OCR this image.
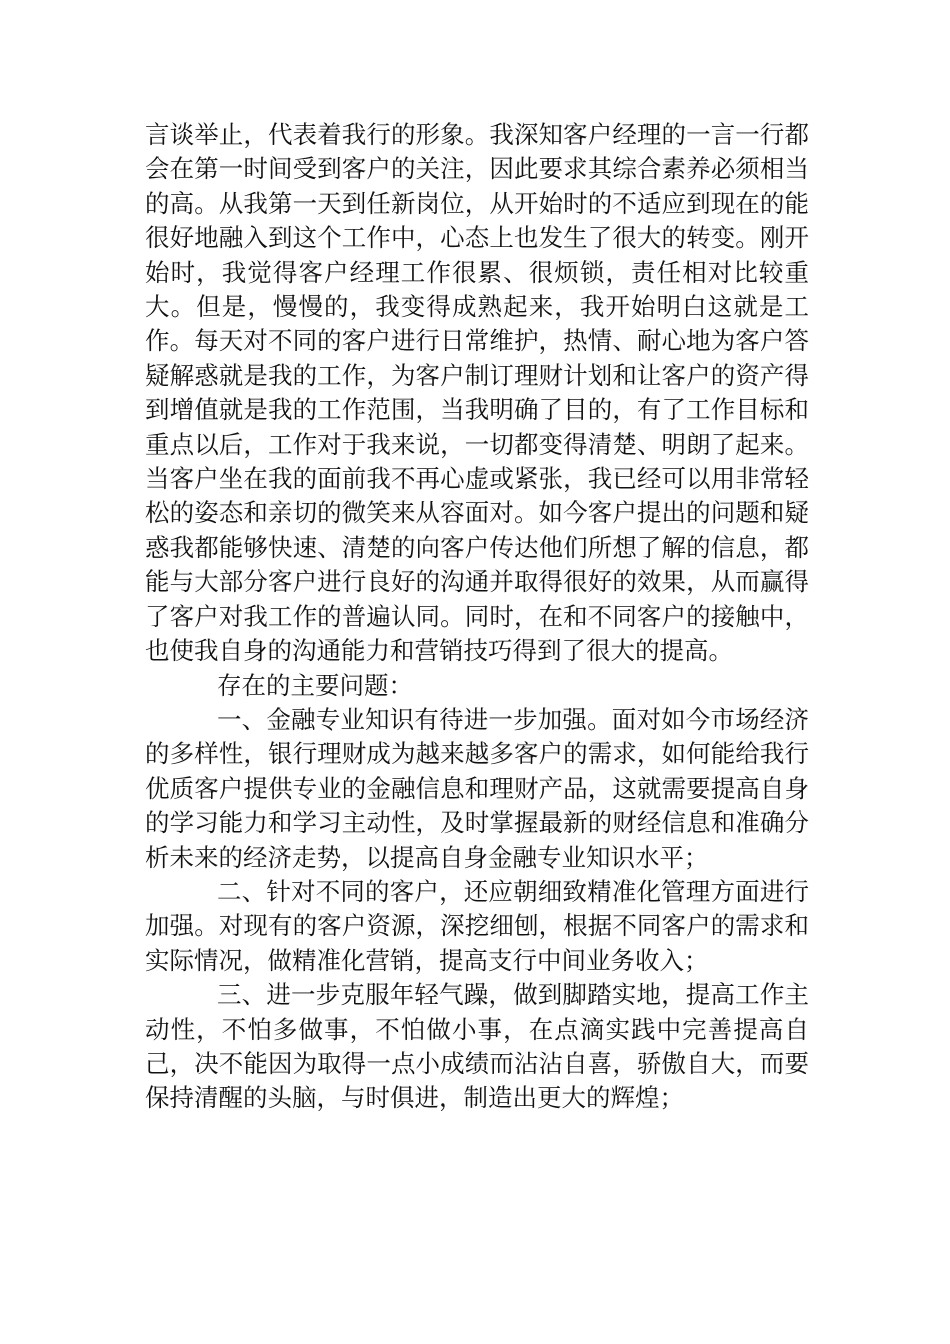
言谈举止，代表着我行的形象。我深知客户经理的一言一行都会在第一时间受到客户的关注，因此要求其综合素养必须相当的高。从我第一天到任新岗位，从开始时的不适应到现在的能很好地融入到这个工作中，心态上也发生了很大的转变。刚开始时，我觉得客户经理工作很累、很烦锁，责任相对比较重大。但是，慢慢的，我变得成熟起来，我开始明白这就是工作。每天对不同的客户进行日常维护，热情、耐心地为客户答疑解惑就是我的工作，为客户制订理财计划和让客户的资产得到增值就是我的工作范围，当我明确了目的，有了工作目标和重点以后，工作对于我来说，一切都变得清楚、明朗了起来。当客户坐在我的面前我不再心虚或紧张，我已经可以用非常轻松的姿态和亲切的微笑来从容面对。如今客户提出的问题和疑惑我都能够快速、清楚的向客户传达他们所想了解的信息，都能与大部分客户进行良好的沟通并取得很好的效果，从而赢得了客户对我工作的普遍认同。同时，在和不同客户的接触中，也使我自身的沟通能力和营销技巧得到了很大的提高。

存在的主要问题：

一、金融专业知识有待进一步加强。面对如今市场经济的多样性，银行理财成为越来越多客户的需求，如何能给我行优质客户提供专业的金融信息和理财产品，这就需要提高自身的学习能力和学习主动性，及时掌握最新的财经信息和准确分析未来的经济走势，以提高自身金融专业知识水平；

二、针对不同的客户，还应朝细致精准化管理方面进行加强。对现有的客户资源，深挖细刨，根据不同客户的需求和实际情况，做精准化营销，提高支行中间业务收入；

三、进一步克服年轻气躁，做到脚踏实地，提高工作主动性，不怕多做事，不怕做小事，在点滴实践中完善提高自己，决不能因为取得一点小成绩而沾沾自喜，骄傲自大，而要保持清醒的头脑，与时俱进，制造出更大的辉煌；
